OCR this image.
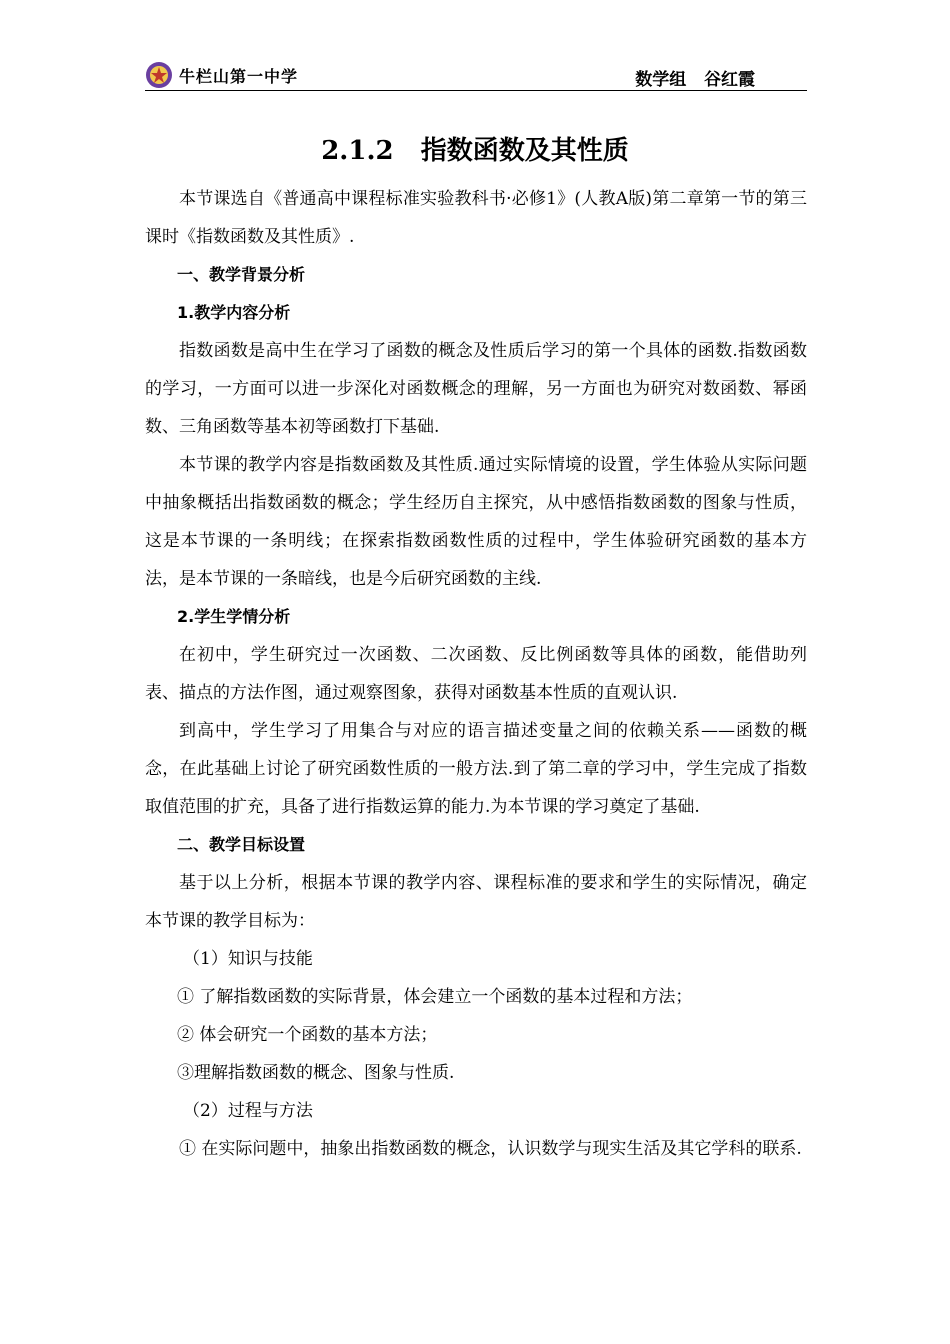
牛栏山第一中学	数学组   谷红霞
2.1.2   指数函数及其性质

本节课选自《普通高中课程标准实验教科书·必修1》(人教A版)第二章第一节的第三课时《指数函数及其性质》.

一、教学背景分析

1.教学内容分析

指数函数是高中生在学习了函数的概念及性质后学习的第一个具体的函数.指数函数的学习，一方面可以进一步深化对函数概念的理解，另一方面也为研究对数函数、幂函数、三角函数等基本初等函数打下基础.

本节课的教学内容是指数函数及其性质.通过实际情境的设置，学生体验从实际问题中抽象概括出指数函数的概念；学生经历自主探究，从中感悟指数函数的图象与性质，这是本节课的一条明线；在探索指数函数性质的过程中，学生体验研究函数的基本方法，是本节课的一条暗线，也是今后研究函数的主线.

2.学生学情分析

在初中，学生研究过一次函数、二次函数、反比例函数等具体的函数，能借助列表、描点的方法作图，通过观察图象，获得对函数基本性质的直观认识.

到高中，学生学习了用集合与对应的语言描述变量之间的依赖关系——函数的概念，在此基础上讨论了研究函数性质的一般方法.到了第二章的学习中，学生完成了指数取值范围的扩充，具备了进行指数运算的能力.为本节课的学习奠定了基础.

二、教学目标设置

基于以上分析，根据本节课的教学内容、课程标准的要求和学生的实际情况，确定本节课的教学目标为：

（1）知识与技能

① 了解指数函数的实际背景，体会建立一个函数的基本过程和方法；

② 体会研究一个函数的基本方法；

③理解指数函数的概念、图象与性质.

（2）过程与方法

① 在实际问题中，抽象出指数函数的概念，认识数学与现实生活及其它学科的联系.
